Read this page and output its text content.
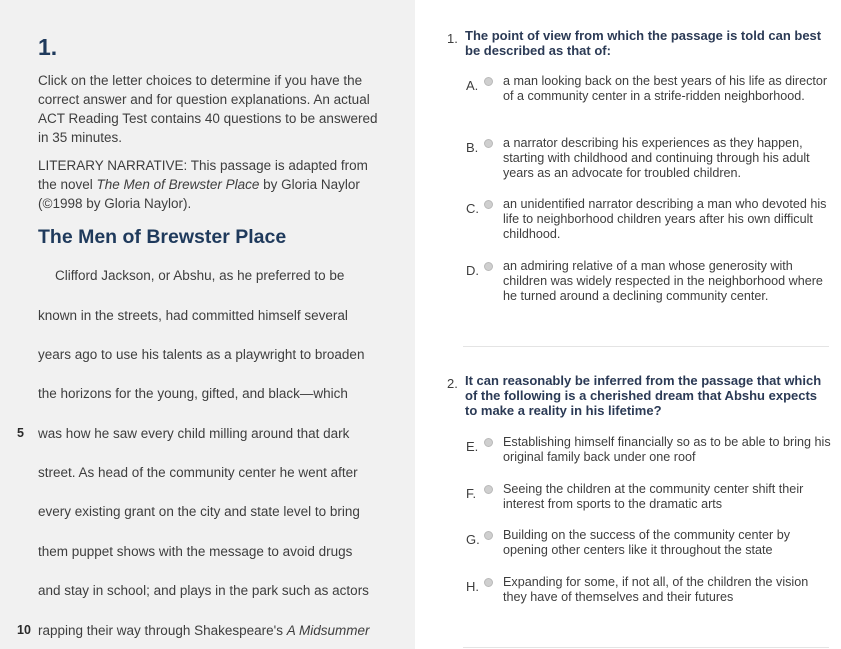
1.

Click on the letter choices to determine if you have the correct answer and for question explanations. An actual ACT Reading Test contains 40 questions to be answered in 35 minutes.

LITERARY NARRATIVE: This passage is adapted from the novel The Men of Brewster Place by Gloria Naylor (©1998 by Gloria Naylor).

The Men of Brewster Place
Clifford Jackson, or Abshu, as he preferred to be
known in the streets, had committed himself several
years ago to use his talents as a playwright to broaden
the horizons for the young, gifted, and black—which
5 was how he saw every child milling around that dark
street. As head of the community center he went after
every existing grant on the city and state level to bring
them puppet shows with the message to avoid drugs
and stay in school; and plays in the park such as actors
10 rapping their way through Shakespeare's A Midsummer
1. The point of view from which the passage is told can best be described as that of:

A. a man looking back on the best years of his life as director of a community center in a strife-ridden neighborhood.

B. a narrator describing his experiences as they happen, starting with childhood and continuing through his adult years as an advocate for troubled children.

C. an unidentified narrator describing a man who devoted his life to neighborhood children years after his own difficult childhood.

D. an admiring relative of a man whose generosity with children was widely respected in the neighborhood where he turned around a declining community center.

2. It can reasonably be inferred from the passage that which of the following is a cherished dream that Abshu expects to make a reality in his lifetime?

E. Establishing himself financially so as to be able to bring his original family back under one roof

F. Seeing the children at the community center shift their interest from sports to the dramatic arts

G. Building on the success of the community center by opening other centers like it throughout the state

H. Expanding for some, if not all, of the children the vision they have of themselves and their futures
